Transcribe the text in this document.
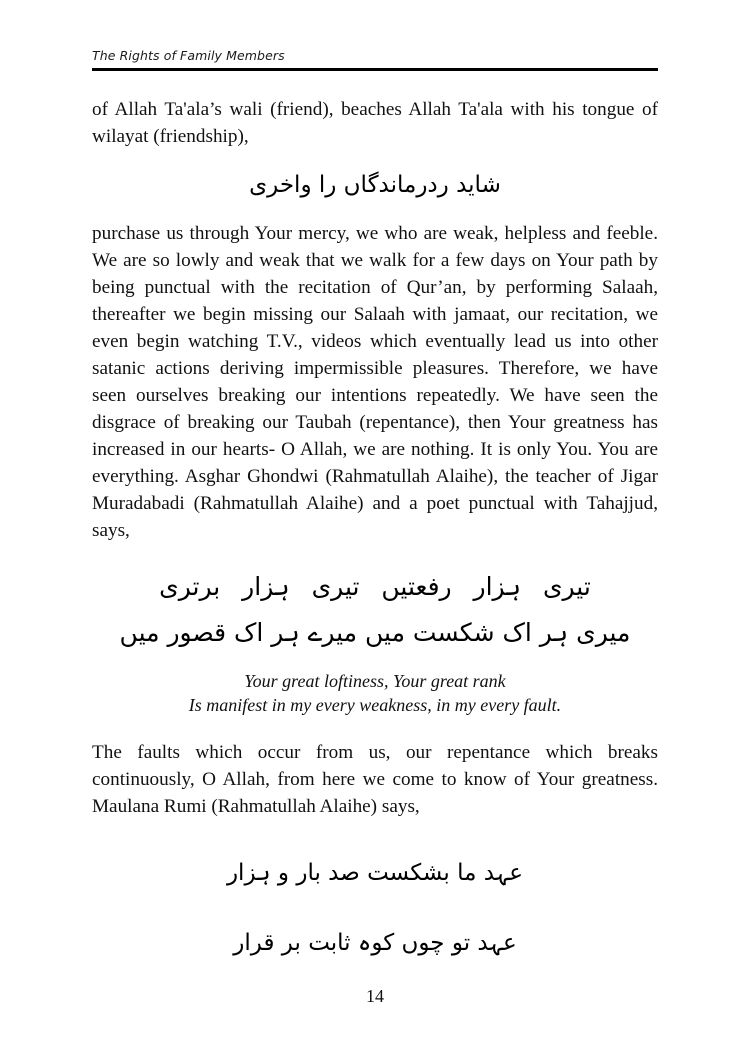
The Rights of Family Members

of Allah Ta'ala’s wali (friend), beaches Allah Ta'ala with his tongue of wilayat (friendship),

شاید ردرماندگاں را واخری

purchase us through Your mercy, we who are weak, helpless and feeble. We are so lowly and weak that we walk for a few days on Your path by being punctual with the recitation of Qur’an, by performing Salaah, thereafter we begin missing our Salaah with jamaat, our recitation, we even begin watching T.V., videos which eventually lead us into other satanic actions deriving impermissible pleasures. Therefore, we have seen ourselves breaking our intentions repeatedly. We have seen the disgrace of breaking our Taubah (repentance), then Your greatness has increased in our hearts- O Allah, we are nothing. It is only You. You are everything. Asghar Ghondwi (Rahmatullah Alaihe), the teacher of Jigar Muradabadi (Rahmatullah Alaihe) and a poet punctual with Tahajjud, says,

تیری ہزار رفعتیں تیری ہزار برتری
میری ہر اک شکست میں میرے ہر اک قصور میں
Your great loftiness, Your great rank
Is manifest in my every weakness, in my every fault.

The faults which occur from us, our repentance which breaks continuously, O Allah, from here we come to know of Your greatness. Maulana Rumi (Rahmatullah Alaihe) says,

عہد ما بشکست صد بار و ہزار
عہد تو چوں کوہ ثابت بر قرار
14
